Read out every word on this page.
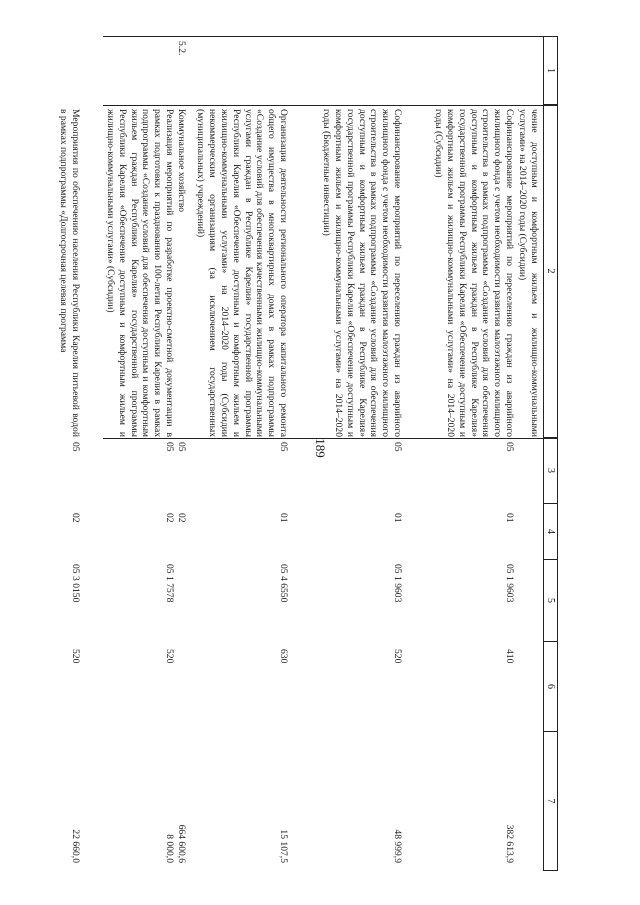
189
1
2
3
4
5
6
7
чение доступным и комфортным жильем и жилищно-коммунальными услугами» на 2014–2020 годы (Субсидии)
Софинансирование мероприятий по переселению граждан из аварийного жилищного фонда с учетом необходимости развития малоэтажного жилищного строительства в рамках подпрограммы «Создание условий для обеспечения доступным и комфортным жильем граждан в Республике Карелия» государственной программы Республики Карелия «Обеспечение доступным и комфортным жильем и жилищно-коммунальными услугами» на 2014–2020 годы (Субсидии)
05
01
05 1 9603
410
382 613,9
Софинансирование мероприятий по переселению граждан из аварийного жилищного фонда с учетом необходимости развития малоэтажного жилищного строительства в рамках подпрограммы «Создание условий для обеспечения доступным и комфортным жильем граждан в Республике Карелия» государственной программы Республики Карелия «Обеспечение доступным и комфортным жильем и жилищно-коммунальными услугами» на 2014–2020 годы (Бюджетные инвестиции)
05
01
05 1 9603
520
48 999,9
Организация деятельности регионального оператора капитального ремонта общего имущества в многоквартирных домах в рамках подпрограммы «Создание условий для обеспечения качественными жилищно-коммунальными услугами граждан в Республике Карелия» государственной программы Республики Карелия «Обеспечение доступным и комфортным жильем и жилищно-коммунальными услугами» на 2014–2020 годы (Субсидии некоммерческим организациям (за исключением государственных (муниципальных) учреждений)
05
01
05 4 6550
630
15 107,5
5.2.
Коммунальное хозяйство
05
02
664 600,6
Реализация мероприятий по разработке проектно-сметной документации в рамках подготовки к празднованию 100-летия Республики Карелия в рамках подпрограммы «Создание условий для обеспечения доступным и комфортным жильем граждан Республики Карелия» государственной программы Республики Карелия «Обеспечение доступным и комфортным жильем и жилищно-коммунальными услугами» (Субсидии)
05
02
05 1 7578
520
8 000,0
Мероприятия по обеспечению населения Республики Карелия питьевой водой в рамках подпрограммы «Долгосрочная целевая программа
05
02
05 3 0150
520
22 660,0
